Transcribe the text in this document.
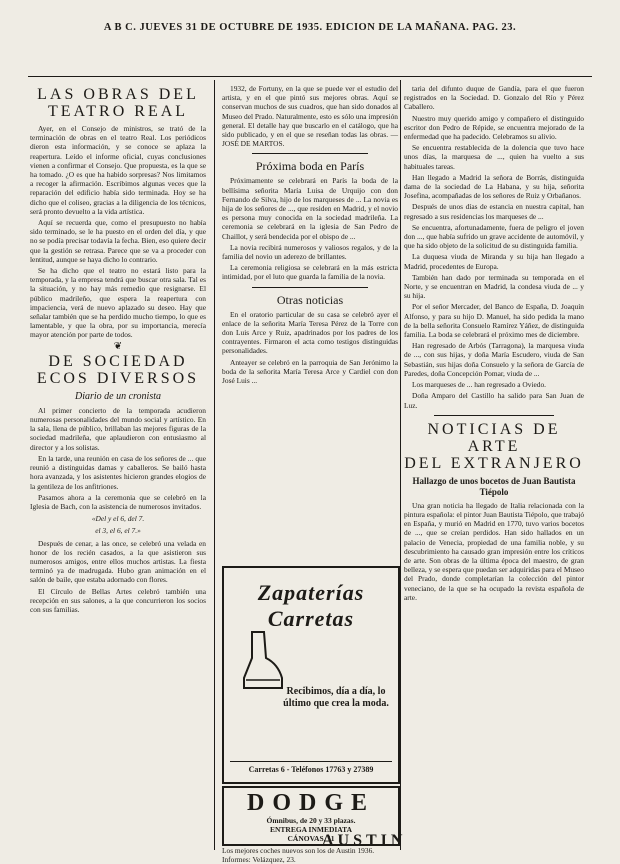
A B C. JUEVES 31 DE OCTUBRE DE 1935. EDICION DE LA MAÑANA. PAG. 23.
LAS OBRAS DEL
TEATRO REAL

Ayer, en el Consejo de ministros, se trató de la terminación de obras en el teatro Real. Los periódicos dieron esta información, y se conoce se aplaza la reapertura. Leído el informe oficial, cuyas conclusiones vienen a confirmar el Consejo. Que propuesta, es la que se ha tomado. ¿O es que ha habido sorpresas? Nos limitamos a recoger la afirmación. Escribimos algunas veces que la reparación del edificio había sido terminada. Hoy se ha dicho que el coliseo, gracias a la diligencia de los técnicos, será pronto devuelto a la vida artística.

Aquí se recuerda que, como el presupuesto no había sido terminado, se le ha puesto en el orden del día, y que no se podía precisar todavía la fecha. Bien, eso quiere decir que la gestión se retrasa. Parece que se va a proceder con lentitud, aunque se haya dicho lo contrario.

Se ha dicho que el teatro no estará listo para la temporada, y la empresa tendrá que buscar otra sala. Tal es la situación, y no hay más remedio que resignarse. El público madrileño, que espera la reapertura con impaciencia, verá de nuevo aplazado su deseo. Hay que señalar también que se ha perdido mucho tiempo, lo que es lamentable, y que la obra, por su importancia, merecía mayor atención por parte de todos.

❦
DE SOCIEDAD
ECOS DIVERSOS
Diario de un cronista

Al primer concierto de la temporada acudieron numerosas personalidades del mundo social y artístico. En la sala, llena de público, brillaban las mejores figuras de la sociedad madrileña, que aplaudieron con entusiasmo al director y a los solistas.

En la tarde, una reunión en casa de los señores de ... que reunió a distinguidas damas y caballeros. Se bailó hasta hora avanzada, y los asistentes hicieron grandes elogios de la gentileza de los anfitriones.

Pasamos ahora a la ceremonia que se celebró en la Iglesia de Bach, con la asistencia de numerosos invitados.

«Del y el 6, del 7.
el 3, el 6, el 7.»

Después de cenar, a las once, se celebró una velada en honor de los recién casados, a la que asistieron sus numerosos amigos, entre ellos muchos artistas. La fiesta terminó ya de madrugada. Hubo gran animación en el salón de baile, que estaba adornado con flores.

El Círculo de Bellas Artes celebró también una recepción en sus salones, a la que concurrieron los socios con sus familias.

1932, de Fortuny, en la que se puede ver el estudio del artista, y en el que pintó sus mejores obras. Aquí se conservan muchos de sus cuadros, que han sido donados al Museo del Prado. Naturalmente, esto es sólo una impresión general. El detalle hay que buscarlo en el catálogo, que ha sido publicado, y en el que se reseñan todas las obras. — JOSÉ DE MARTOS.

Próxima boda en París

Próximamente se celebrará en París la boda de la bellísima señorita María Luisa de Urquijo con don Fernando de Silva, hijo de los marqueses de ... La novia es hija de los señores de ..., que residen en Madrid, y el novio es persona muy conocida en la sociedad madrileña. La ceremonia se celebrará en la iglesia de San Pedro de Chaillot, y será bendecida por el obispo de ...

La novia recibirá numerosos y valiosos regalos, y de la familia del novio un aderezo de brillantes.

La ceremonia religiosa se celebrará en la más estricta intimidad, por el luto que guarda la familia de la novia.

Otras noticias

En el oratorio particular de su casa se celebró ayer el enlace de la señorita María Teresa Pérez de la Torre con don Luis Arce y Ruiz, apadrinados por los padres de los contrayentes. Firmaron el acta como testigos distinguidas personalidades.

Anteayer se celebró en la parroquia de San Jerónimo la boda de la señorita María Teresa Arce y Cardiel con don José Luis ...

Zapaterías Carretas
Recibimos, día a día, lo último que crea la moda.
Carretas 6 - Teléfonos 17763 y 27389
DODGE
Ómnibus, de 20 y 33 plazas.
ENTREGA INMEDIATA
CÁNOVAS, 11
AUSTIN
Los mejores coches nuevos son los de Austin 1936. Informes: Velázquez, 23.

taria del difunto duque de Gandía, para el que fueron registrados en la Sociedad. D. Gonzalo del Río y Pérez Caballero.

Nuestro muy querido amigo y compañero el distinguido escritor don Pedro de Répide, se encuentra mejorado de la enfermedad que ha padecido. Celebramos su alivio.

Se encuentra restablecida de la dolencia que tuvo hace unos días, la marquesa de ..., quien ha vuelto a sus habituales tareas.

Han llegado a Madrid la señora de Borrás, distinguida dama de la sociedad de La Habana, y su hija, señorita Josefina, acompañadas de los señores de Ruiz y Orbañanos.

Después de unos días de estancia en nuestra capital, han regresado a sus residencias los marqueses de ...

Se encuentra, afortunadamente, fuera de peligro el joven don ..., que había sufrido un grave accidente de automóvil, y que ha sido objeto de la solicitud de su distinguida familia.

La duquesa viuda de Miranda y su hija han llegado a Madrid, procedentes de Europa.

También han dado por terminada su temporada en el Norte, y se encuentran en Madrid, la condesa viuda de ... y su hija.

Por el señor Mercader, del Banco de España, D. Joaquín Alfonso, y para su hijo D. Manuel, ha sido pedida la mano de la bella señorita Consuelo Ramírez Yáñez, de distinguida familia. La boda se celebrará el próximo mes de diciembre.

Han regresado de Arbós (Tarragona), la marquesa viuda de ..., con sus hijas, y doña María Escudero, viuda de San Sebastián, sus hijas doña Consuelo y la señora de García de Paredes, doña Concepción Pomar, viuda de ...

Los marqueses de ... han regresado a Oviedo.

Doña Amparo del Castillo ha salido para San Juan de Luz.

NOTICIAS DE ARTE
DEL EXTRANJERO
Hallazgo de unos bocetos de Juan Bautista Tiépolo

Una gran noticia ha llegado de Italia relacionada con la pintura española: el pintor Juan Bautista Tiépolo, que trabajó en España, y murió en Madrid en 1770, tuvo varios bocetos de ..., que se creían perdidos. Han sido hallados en un palacio de Venecia, propiedad de una familia noble, y su descubrimiento ha causado gran impresión entre los críticos de arte. Son obras de la última época del maestro, de gran belleza, y se espera que puedan ser adquiridas para el Museo del Prado, donde completarían la colección del pintor veneciano, de la que se ha ocupado la revista española de arte.
